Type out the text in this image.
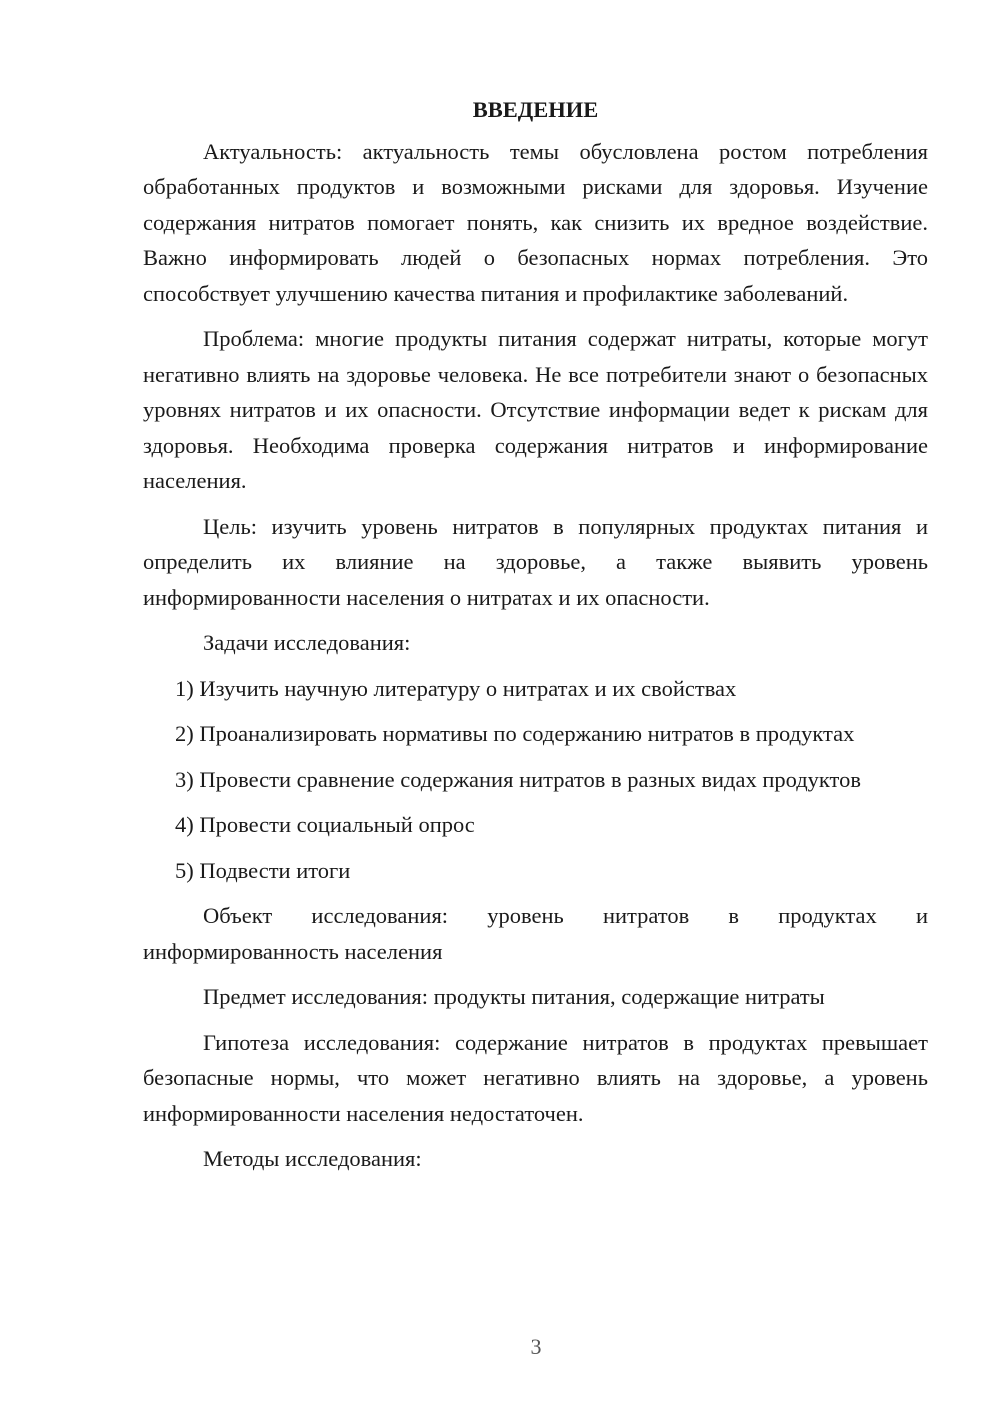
ВВЕДЕНИЕ

Актуальность: актуальность темы обусловлена ростом потребления обработанных продуктов и возможными рисками для здоровья. Изучение содержания нитратов помогает понять, как снизить их вредное воздействие. Важно информировать людей о безопасных нормах потребления. Это способствует улучшению качества питания и профилактике заболеваний.

Проблема: многие продукты питания содержат нитраты, которые могут негативно влиять на здоровье человека. Не все потребители знают о безопасных уровнях нитратов и их опасности. Отсутствие информации ведет к рискам для здоровья. Необходима проверка содержания нитратов и информирование населения.

Цель: изучить уровень нитратов в популярных продуктах питания и определить их влияние на здоровье, а также выявить уровень информированности населения о нитратах и их опасности.

Задачи исследования:

1) Изучить научную литературу о нитратах и их свойствах

2) Проанализировать нормативы по содержанию нитратов в продуктах

3) Провести сравнение содержания нитратов в разных видах продуктов

4) Провести социальный опрос

5) Подвести итоги

Объект исследования: уровень нитратов в продуктах и информированность населения

Предмет исследования: продукты питания, содержащие нитраты

Гипотеза исследования: содержание нитратов в продуктах превышает безопасные нормы, что может негативно влиять на здоровье, а уровень информированности населения недостаточен.

Методы исследования:

3
